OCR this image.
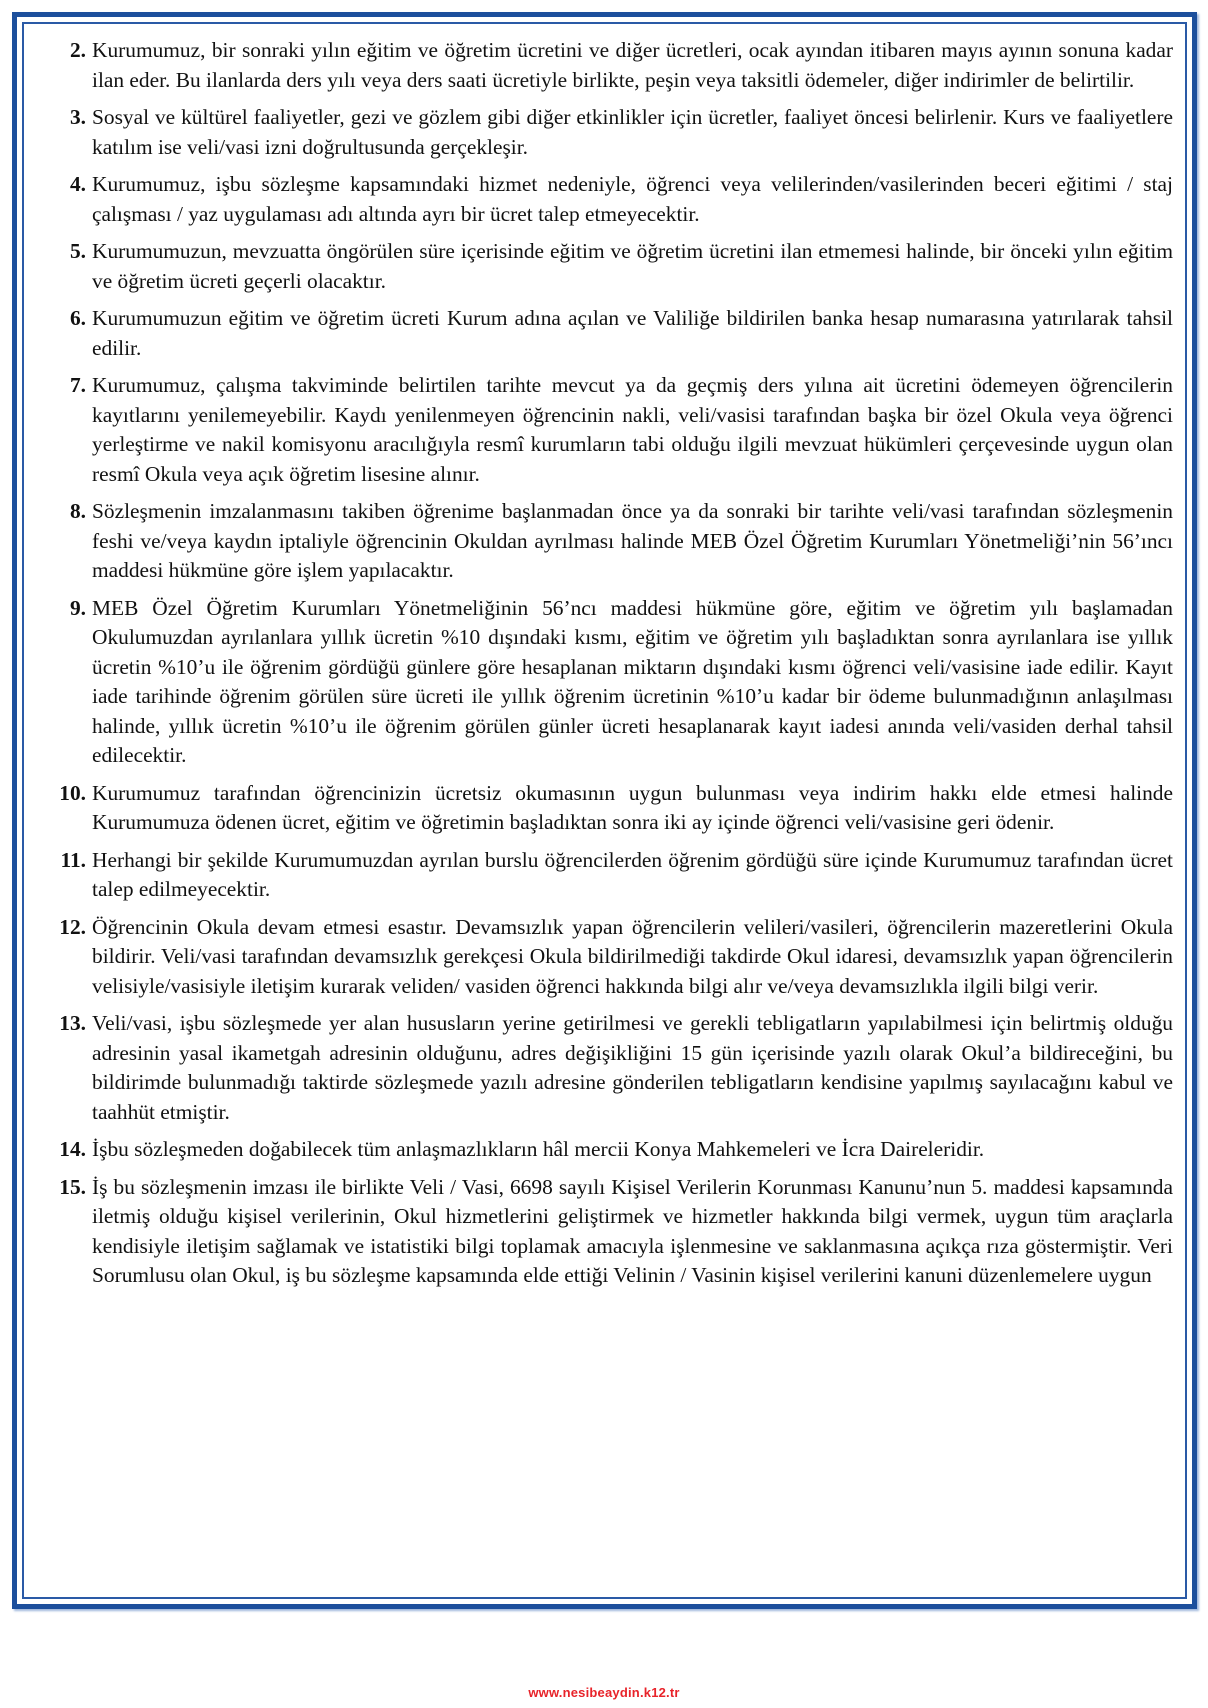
2. Kurumumuz, bir sonraki yılın eğitim ve öğretim ücretini ve diğer ücretleri, ocak ayından itibaren mayıs ayının sonuna kadar ilan eder. Bu ilanlarda ders yılı veya ders saati ücretiyle birlikte, peşin veya taksitli ödemeler, diğer indirimler de belirtilir.
3. Sosyal ve kültürel faaliyetler, gezi ve gözlem gibi diğer etkinlikler için ücretler, faaliyet öncesi belirlenir. Kurs ve faaliyetlere katılım ise veli/vasi izni doğrultusunda gerçekleşir.
4. Kurumumuz, işbu sözleşme kapsamındaki hizmet nedeniyle, öğrenci veya velilerinden/vasilerinden beceri eğitimi / staj çalışması / yaz uygulaması adı altında ayrı bir ücret talep etmeyecektir.
5. Kurumumuzun, mevzuatta öngörülen süre içerisinde eğitim ve öğretim ücretini ilan etmemesi halinde, bir önceki yılın eğitim ve öğretim ücreti geçerli olacaktır.
6. Kurumumuzun eğitim ve öğretim ücreti Kurum adına açılan ve Valiliğe bildirilen banka hesap numarasına yatırılarak tahsil edilir.
7. Kurumumuz, çalışma takviminde belirtilen tarihte mevcut ya da geçmiş ders yılına ait ücretini ödemeyen öğrencilerin kayıtlarını yenilemeyebilir. Kaydı yenilenmeyen öğrencinin nakli, veli/vasisi tarafından başka bir özel Okula veya öğrenci yerleştirme ve nakil komisyonu aracılığıyla resmî kurumların tabi olduğu ilgili mevzuat hükümleri çerçevesinde uygun olan resmî Okula veya açık öğretim lisesine alınır.
8. Sözleşmenin imzalanmasını takiben öğrenime başlanmadan önce ya da sonraki bir tarihte veli/vasi tarafından sözleşmenin feshi ve/veya kaydın iptaliyle öğrencinin Okuldan ayrılması halinde MEB Özel Öğretim Kurumları Yönetmeliği’nin 56’ıncı maddesi hükmüne göre işlem yapılacaktır.
9. MEB Özel Öğretim Kurumları Yönetmeliğinin 56’ncı maddesi hükmüne göre, eğitim ve öğretim yılı başlamadan Okulumuzdan ayrılanlara yıllık ücretin %10 dışındaki kısmı, eğitim ve öğretim yılı başladıktan sonra ayrılanlara ise yıllık ücretin %10’u ile öğrenim gördüğü günlere göre hesaplanan miktarın dışındaki kısmı öğrenci veli/vasisine iade edilir. Kayıt iade tarihinde öğrenim görülen süre ücreti ile yıllık öğrenim ücretinin %10’u kadar bir ödeme bulunmadığının anlaşılması halinde, yıllık ücretin %10’u ile öğrenim görülen günler ücreti hesaplanarak kayıt iadesi anında veli/vasiden derhal tahsil edilecektir.
10. Kurumumuz tarafından öğrencinizin ücretsiz okumasının uygun bulunması veya indirim hakkı elde etmesi halinde Kurumumuza ödenen ücret, eğitim ve öğretimin başladıktan sonra iki ay içinde öğrenci veli/vasisine geri ödenir.
11. Herhangi bir şekilde Kurumumuzdan ayrılan burslu öğrencilerden öğrenim gördüğü süre içinde Kurumumuz tarafından ücret talep edilmeyecektir.
12. Öğrencinin Okula devam etmesi esastır. Devamsızlık yapan öğrencilerin velileri/vasileri, öğrencilerin mazeretlerini Okula bildirir. Veli/vasi tarafından devamsızlık gerekçesi Okula bildirilmediği takdirde Okul idaresi, devamsızlık yapan öğrencilerin velisiyle/vasisiyle iletişim kurarak veliden/ vasiden öğrenci hakkında bilgi alır ve/veya devamsızlıkla ilgili bilgi verir.
13. Veli/vasi, işbu sözleşmede yer alan hususların yerine getirilmesi ve gerekli tebligatların yapılabilmesi için belirtmiş olduğu adresinin yasal ikametgah adresinin olduğunu, adres değişikliğini 15 gün içerisinde yazılı olarak Okul’a bildireceğini, bu bildirimde bulunmadığı taktirde sözleşmede yazılı adresine gönderilen tebligatların kendisine yapılmış sayılacağını kabul ve taahhüt etmiştir.
14. İşbu sözleşmeden doğabilecek tüm anlaşmazlıkların hâl mercii Konya Mahkemeleri ve İcra Daireleridir.
15. İş bu sözleşmenin imzası ile birlikte Veli / Vasi, 6698 sayılı Kişisel Verilerin Korunması Kanunu’nun 5. maddesi kapsamında iletmiş olduğu kişisel verilerinin, Okul hizmetlerini geliştirmek ve hizmetler hakkında bilgi vermek, uygun tüm araçlarla kendisiyle iletişim sağlamak ve istatistiki bilgi toplamak amacıyla işlenmesine ve saklanmasına açıkça rıza göstermiştir. Veri Sorumlusu olan Okul, iş bu sözleşme kapsamında elde ettiği Velinin / Vasinin kişisel verilerini kanuni düzenlemelere uygun
www.nesibeaydin.k12.tr
